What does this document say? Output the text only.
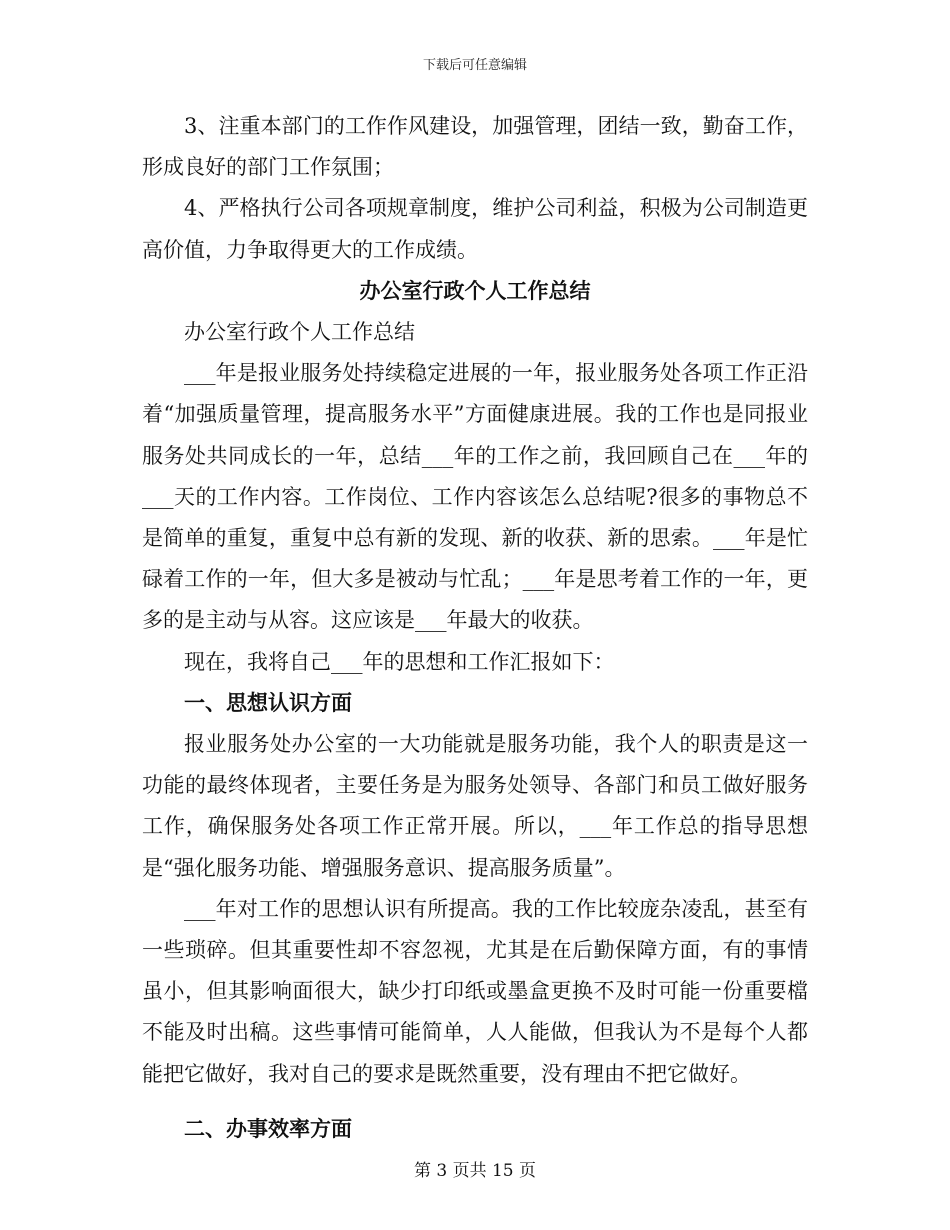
下载后可任意编辑

3、注重本部门的工作作风建设，加强管理，团结一致，勤奋工作，形成良好的部门工作氛围；

4、严格执行公司各项规章制度，维护公司利益，积极为公司制造更高价值，力争取得更大的工作成绩。

办公室行政个人工作总结

办公室行政个人工作总结

___年是报业服务处持续稳定进展的一年，报业服务处各项工作正沿着“加强质量管理，提高服务水平”方面健康进展。我的工作也是同报业服务处共同成长的一年，总结___年的工作之前，我回顾自己在___年的___天的工作内容。工作岗位、工作内容该怎么总结呢?很多的事物总不是简单的重复，重复中总有新的发现、新的收获、新的思索。___年是忙碌着工作的一年，但大多是被动与忙乱；___年是思考着工作的一年，更多的是主动与从容。这应该是___年最大的收获。

现在，我将自己___年的思想和工作汇报如下：

一、思想认识方面

报业服务处办公室的一大功能就是服务功能，我个人的职责是这一功能的最终体现者，主要任务是为服务处领导、各部门和员工做好服务工作，确保服务处各项工作正常开展。所以，___年工作总的指导思想是“强化服务功能、增强服务意识、提高服务质量”。

___年对工作的思想认识有所提高。我的工作比较庞杂凌乱，甚至有一些琐碎。但其重要性却不容忽视，尤其是在后勤保障方面，有的事情虽小，但其影响面很大，缺少打印纸或墨盒更换不及时可能一份重要檔不能及时出稿。这些事情可能简单，人人能做，但我认为不是每个人都能把它做好，我对自己的要求是既然重要，没有理由不把它做好。

二、办事效率方面
第 3 页共 15 页
